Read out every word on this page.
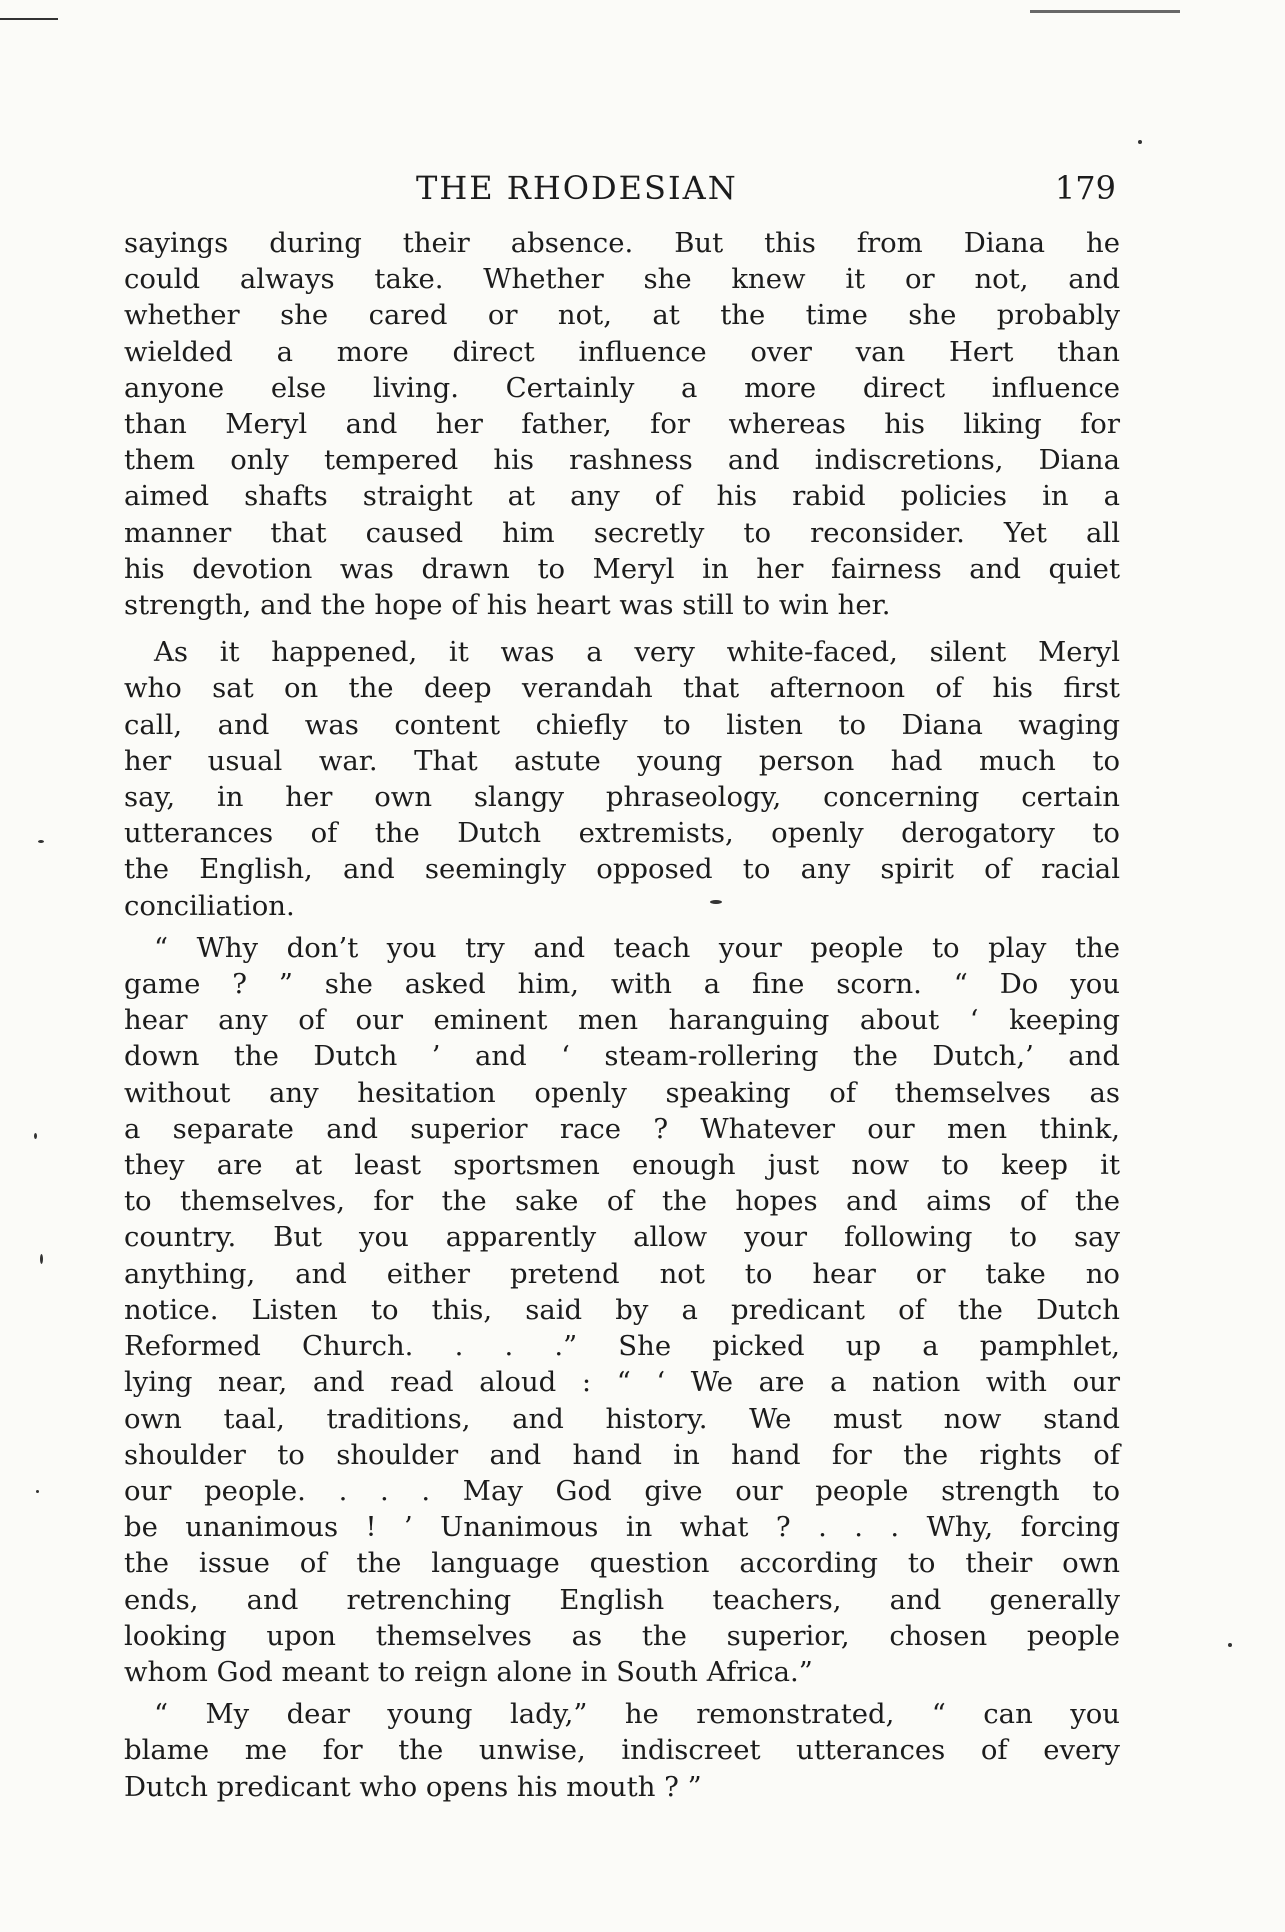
THE RHODESIAN	179

sayings during their absence. But this from Diana he
could always take. Whether she knew it or not, and
whether she cared or not, at the time she probably
wielded a more direct influence over van Hert than
anyone else living. Certainly a more direct influence
than Meryl and her father, for whereas his liking for
them only tempered his rashness and indiscretions, Diana
aimed shafts straight at any of his rabid policies in a
manner that caused him secretly to reconsider. Yet all
his devotion was drawn to Meryl in her fairness and quiet
strength, and the hope of his heart was still to win her.

As it happened, it was a very white-faced, silent Meryl

who sat on the deep verandah that afternoon of his first
call, and was content chiefly to listen to Diana waging
her usual war. That astute young person had much to
say, in her own slangy phraseology, concerning certain
utterances of the Dutch extremists, openly derogatory to
the English, and seemingly opposed to any spirit of racial
conciliation.

“ Why don’t you try and teach your people to play the

game ? ” she asked him, with a fine scorn. “ Do you
hear any of our eminent men haranguing about ‘ keeping
down the Dutch ’ and ‘ steam-rollering the Dutch,’ and
without any hesitation openly speaking of themselves as
a separate and superior race ? Whatever our men think,
they are at least sportsmen enough just now to keep it
to themselves, for the sake of the hopes and aims of the
country. But you apparently allow your following to say
anything, and either pretend not to hear or take no
notice. Listen to this, said by a predicant of the Dutch
Reformed Church. . . .” She picked up a pamphlet,
lying near, and read aloud : “ ‘ We are a nation with our
own taal, traditions, and history. We must now stand
shoulder to shoulder and hand in hand for the rights of
our people. . . . May God give our people strength to
be unanimous ! ’ Unanimous in what ? . . . Why, forcing
the issue of the language question according to their own
ends, and retrenching English teachers, and generally
looking upon themselves as the superior, chosen people
whom God meant to reign alone in South Africa.”

“ My dear young lady,” he remonstrated, “ can you

blame me for the unwise, indiscreet utterances of every
Dutch predicant who opens his mouth ? ”
